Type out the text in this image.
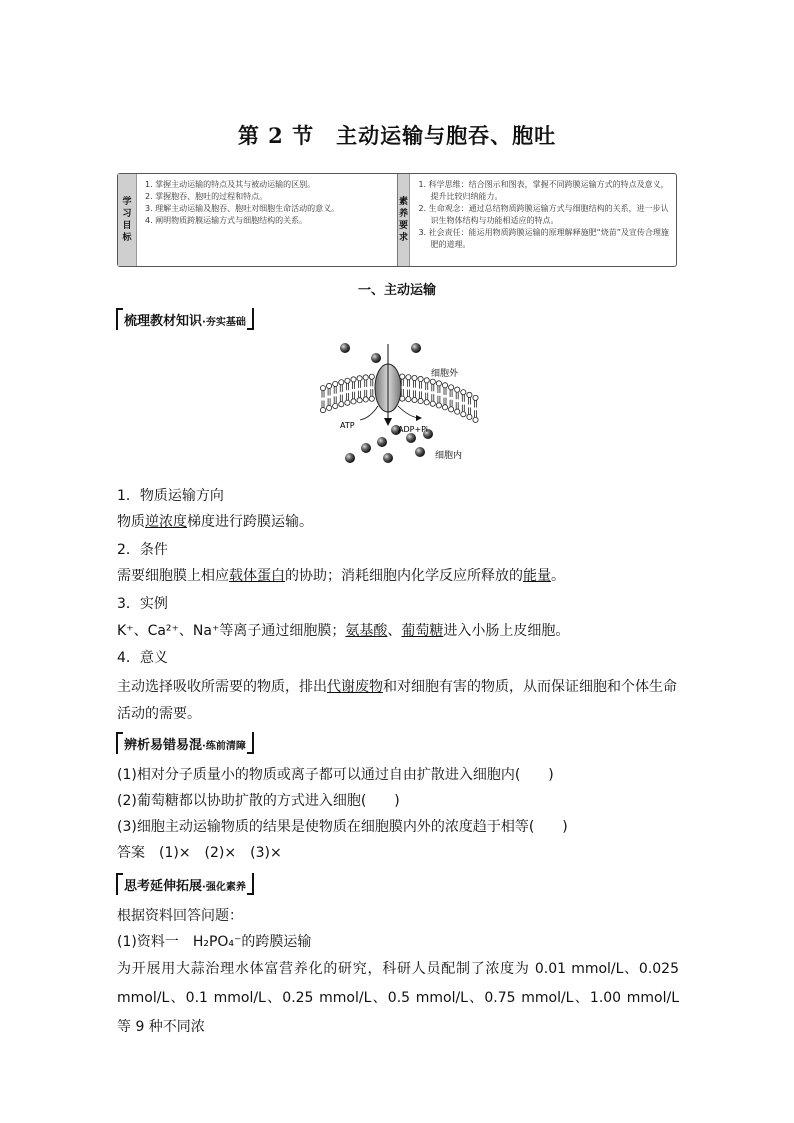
第 2 节　主动运输与胞吞、胞吐
学
习
目
标
1. 掌握主动运输的特点及其与被动运输的区别。
2. 掌握胞吞、胞吐的过程和特点。
3. 理解主动运输及胞吞、胞吐对细胞生命活动的意义。
4. 阐明物质跨膜运输方式与细胞结构的关系。
素
养
要
求
1. 科学思维：结合图示和图表，掌握不同跨膜运输方式的特点及意义，提升比较归纳能力。
2. 生命观念：通过总结物质跨膜运输方式与细胞结构的关系，进一步认识生物体结构与功能相适应的特点。
3. 社会责任：能运用物质跨膜运输的原理解释施肥“烧苗”及宣传合理施肥的道理。
一、主动运输
梳理教材知识·夯实基础
细胞外
细胞内
ATP	ADP+Pi
1．物质运输方向
物质逆浓度梯度进行跨膜运输。
2．条件
需要细胞膜上相应载体蛋白的协助；消耗细胞内化学反应所释放的能量。
3．实例
K⁺、Ca²⁺、Na⁺等离子通过细胞膜；氨基酸、葡萄糖进入小肠上皮细胞。
4．意义
主动选择吸收所需要的物质，排出代谢废物和对细胞有害的物质，从而保证细胞和个体生命活动的需要。
辨析易错易混·练前清障
(1)相对分子质量小的物质或离子都可以通过自由扩散进入细胞内(　　)
(2)葡萄糖都以协助扩散的方式进入细胞(　　)
(3)细胞主动运输物质的结果是使物质在细胞膜内外的浓度趋于相等(　　)
答案　(1)×　(2)×　(3)×
思考延伸拓展·强化素养
根据资料回答问题：
(1)资料一　H₂PO₄⁻的跨膜运输
为开展用大蒜治理水体富营养化的研究，科研人员配制了浓度为 0.01 mmol/L、0.025 mmol/L、0.1 mmol/L、0.25 mmol/L、0.5 mmol/L、0.75 mmol/L、1.00 mmol/L 等 9 种不同浓
